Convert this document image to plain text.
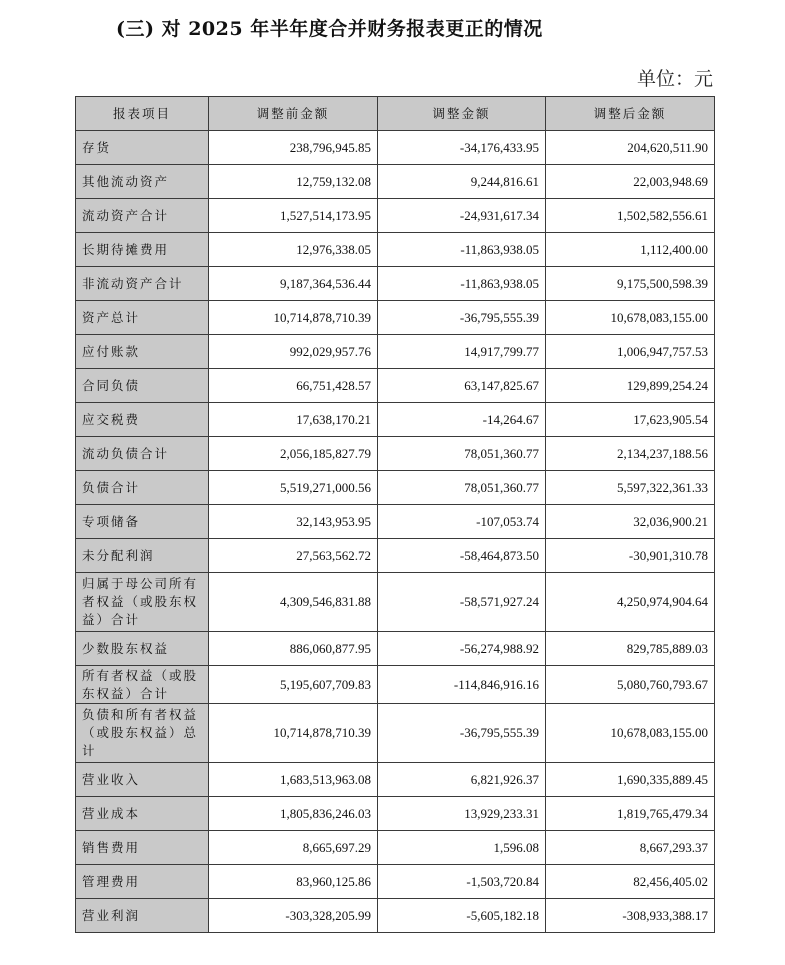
(三) 对 2025 年半年度合并财务报表更正的情况
单位：元
报表项目	调整前金额	调整金额	调整后金额
存货	238,796,945.85	-34,176,433.95	204,620,511.90
其他流动资产	12,759,132.08	9,244,816.61	22,003,948.69
流动资产合计	1,527,514,173.95	-24,931,617.34	1,502,582,556.61
长期待摊费用	12,976,338.05	-11,863,938.05	1,112,400.00
非流动资产合计	9,187,364,536.44	-11,863,938.05	9,175,500,598.39
资产总计	10,714,878,710.39	-36,795,555.39	10,678,083,155.00
应付账款	992,029,957.76	14,917,799.77	1,006,947,757.53
合同负债	66,751,428.57	63,147,825.67	129,899,254.24
应交税费	17,638,170.21	-14,264.67	17,623,905.54
流动负债合计	2,056,185,827.79	78,051,360.77	2,134,237,188.56
负债合计	5,519,271,000.56	78,051,360.77	5,597,322,361.33
专项储备	32,143,953.95	-107,053.74	32,036,900.21
未分配利润	27,563,562.72	-58,464,873.50	-30,901,310.78
归属于母公司所有者权益（或股东权益）合计	4,309,546,831.88	-58,571,927.24	4,250,974,904.64
少数股东权益	886,060,877.95	-56,274,988.92	829,785,889.03
所有者权益（或股东权益）合计	5,195,607,709.83	-114,846,916.16	5,080,760,793.67
负债和所有者权益（或股东权益）总计	10,714,878,710.39	-36,795,555.39	10,678,083,155.00
营业收入	1,683,513,963.08	6,821,926.37	1,690,335,889.45
营业成本	1,805,836,246.03	13,929,233.31	1,819,765,479.34
销售费用	8,665,697.29	1,596.08	8,667,293.37
管理费用	83,960,125.86	-1,503,720.84	82,456,405.02
营业利润	-303,328,205.99	-5,605,182.18	-308,933,388.17
